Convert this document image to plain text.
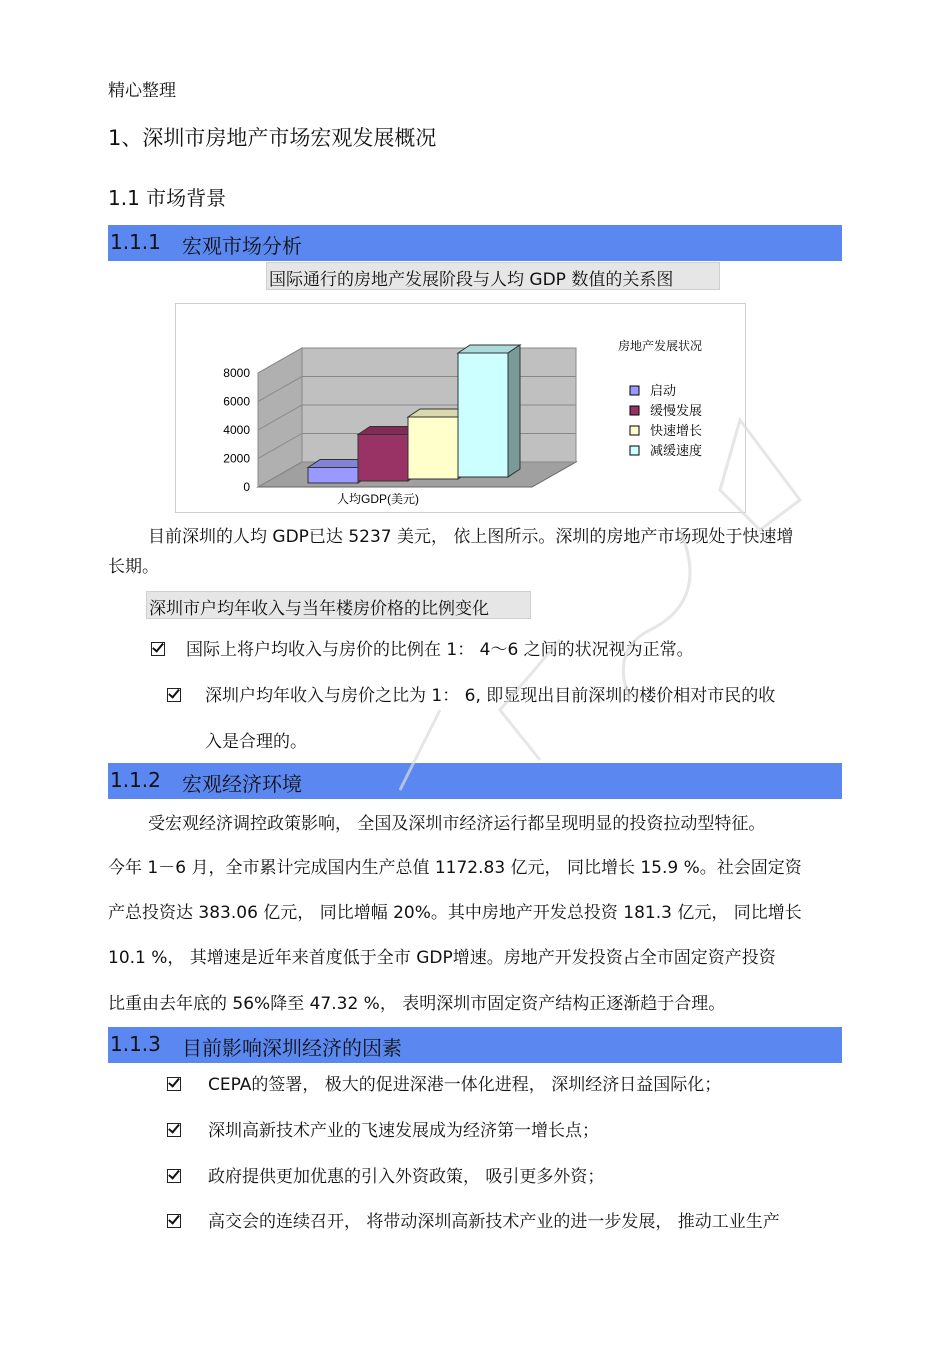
精心整理
1、深圳市房地产市场宏观发展概况
1.1 市场背景
1.1.1 宏观市场分析
国际通行的房地产发展阶段与人均 GDP 数值的关系图
8000
6000
4000
2000
0
人均GDP(美元)
房地产发展状况
启动
缓慢发展
快速增长
减缓速度
目前深圳的人均 GDP已达 5237 美元， 依上图所示。深圳的房地产市场现处于快速增
长期。
深圳市户均年收入与当年楼房价格的比例变化
国际上将户均收入与房价的比例在 1： 4～6 之间的状况视为正常。
深圳户均年收入与房价之比为 1： 6, 即显现出目前深圳的楼价相对市民的收
入是合理的。
1.1.2 宏观经济环境
受宏观经济调控政策影响， 全国及深圳市经济运行都呈现明显的投资拉动型特征。
今年 1－6 月，全市累计完成国内生产总值 1172.83 亿元， 同比增长 15.9 %。社会固定资
产总投资达 383.06 亿元， 同比增幅 20%。其中房地产开发总投资 181.3 亿元， 同比增长
10.1 %， 其增速是近年来首度低于全市 GDP增速。房地产开发投资占全市固定资产投资
比重由去年底的 56%降至 47.32 %， 表明深圳市固定资产结构正逐渐趋于合理。
1.1.3 目前影响深圳经济的因素
CEPA的签署， 极大的促进深港一体化进程， 深圳经济日益国际化；
深圳高新技术产业的飞速发展成为经济第一增长点；
政府提供更加优惠的引入外资政策， 吸引更多外资；
高交会的连续召开， 将带动深圳高新技术产业的进一步发展， 推动工业生产
